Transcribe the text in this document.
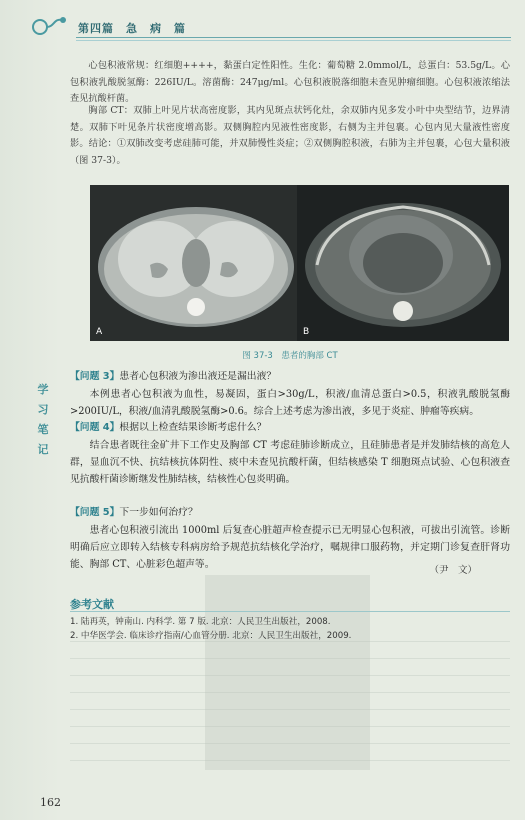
第四篇　急　病　篇
心包积液常规：红细胞++++，黏蛋白定性阳性。生化：葡萄糖 2.0mmol/L，总蛋白：53.5g/L。心包积液乳酸脱氢酶：226IU/L。溶菌酶：247μg/ml。心包积液脱落细胞未查见肿瘤细胞。心包积液浓缩法查见抗酸杆菌。
胸部 CT：双肺上叶见片状高密度影，其内见斑点状钙化灶，余双肺内见多发小叶中央型结节，边界清楚。双肺下叶见条片状密度增高影。双侧胸腔内见液性密度影，右侧为主并包裹。心包内见大量液性密度影。结论：①双肺改变考虑硅肺可能，并双肺慢性炎症；②双侧胸腔积液，右肺为主并包裹，心包大量积液（图 37-3）。
A	B
图 37-3　患者的胸部 CT
学
习
笔
记
【问题 3】患者心包积液为渗出液还是漏出液？
本例患者心包积液为血性，易凝固，蛋白>30g/L，积液/血清总蛋白>0.5，积液乳酸脱氢酶>200IU/L，积液/血清乳酸脱氢酶>0.6。综合上述考虑为渗出液，多见于炎症、肿瘤等疾病。
【问题 4】根据以上检查结果诊断考虑什么？
结合患者既往金矿井下工作史及胸部 CT 考虑硅肺诊断成立，且硅肺患者是并发肺结核的高危人群，显血沉不快、抗结核抗体阴性、痰中未查见抗酸杆菌，但结核感染 T 细胞斑点试验、心包积液查见抗酸杆菌诊断继发性肺结核，结核性心包炎明确。
【问题 5】下一步如何治疗？
患者心包积液引流出 1000ml 后复查心脏超声检查提示已无明显心包积液，可拔出引流管。诊断明确后应立即转入结核专科病房给予规范抗结核化学治疗，嘱规律口服药物，并定期门诊复查肝肾功能、胸部 CT、心脏彩色超声等。
（尹　文）
参考文献
1. 陆再英，钟南山. 内科学. 第 7 版. 北京：人民卫生出版社，2008.
2. 中华医学会. 临床诊疗指南/心血管分册. 北京：人民卫生出版社，2009.
162
